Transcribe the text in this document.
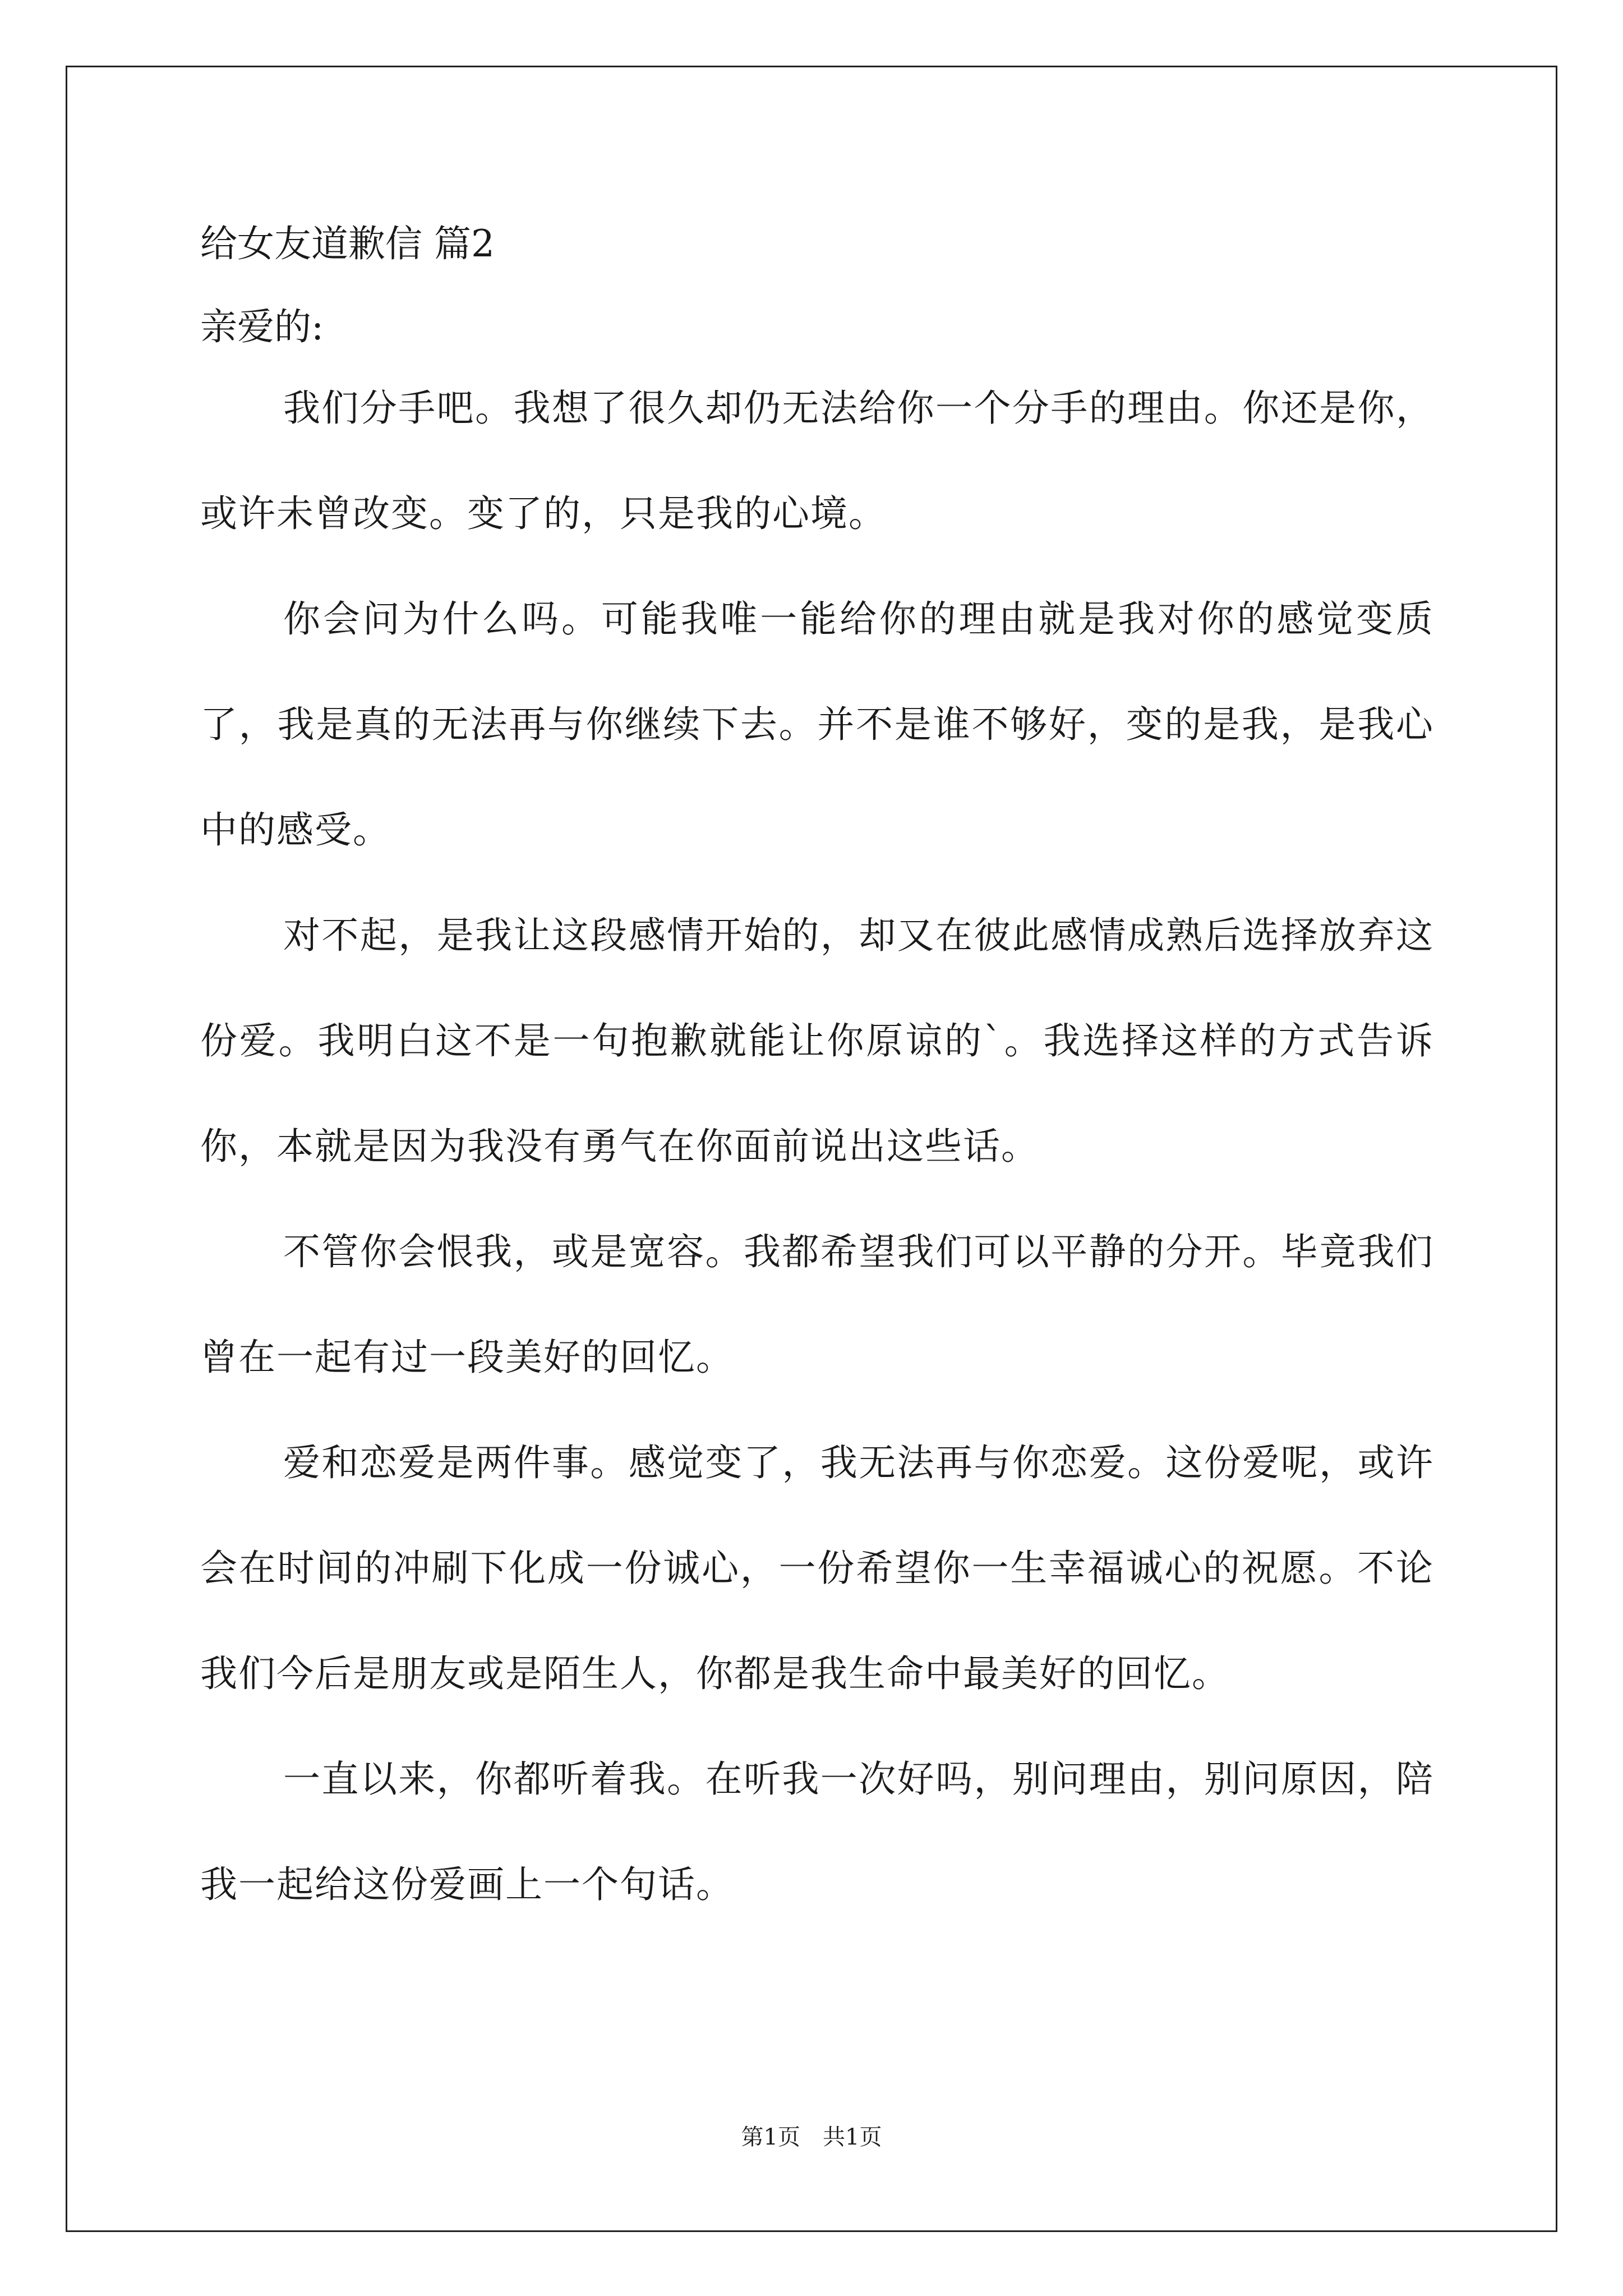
给女友道歉信 篇2

亲爱的:

我们分手吧。我想了很久却仍无法给你一个分手的理由。你还是你，或许未曾改变。变了的，只是我的心境。

你会问为什么吗。可能我唯一能给你的理由就是我对你的感觉变质了，我是真的无法再与你继续下去。并不是谁不够好，变的是我，是我心中的感受。

对不起，是我让这段感情开始的，却又在彼此感情成熟后选择放弃这份爱。我明白这不是一句抱歉就能让你原谅的`。我选择这样的方式告诉你，本就是因为我没有勇气在你面前说出这些话。

不管你会恨我，或是宽容。我都希望我们可以平静的分开。毕竟我们曾在一起有过一段美好的回忆。

爱和恋爱是两件事。感觉变了，我无法再与你恋爱。这份爱呢，或许会在时间的冲刷下化成一份诚心，一份希望你一生幸福诚心的祝愿。不论我们今后是朋友或是陌生人，你都是我生命中最美好的回忆。

一直以来，你都听着我。在听我一次好吗，别问理由，别问原因，陪我一起给这份爱画上一个句话。

第1页 共1页
